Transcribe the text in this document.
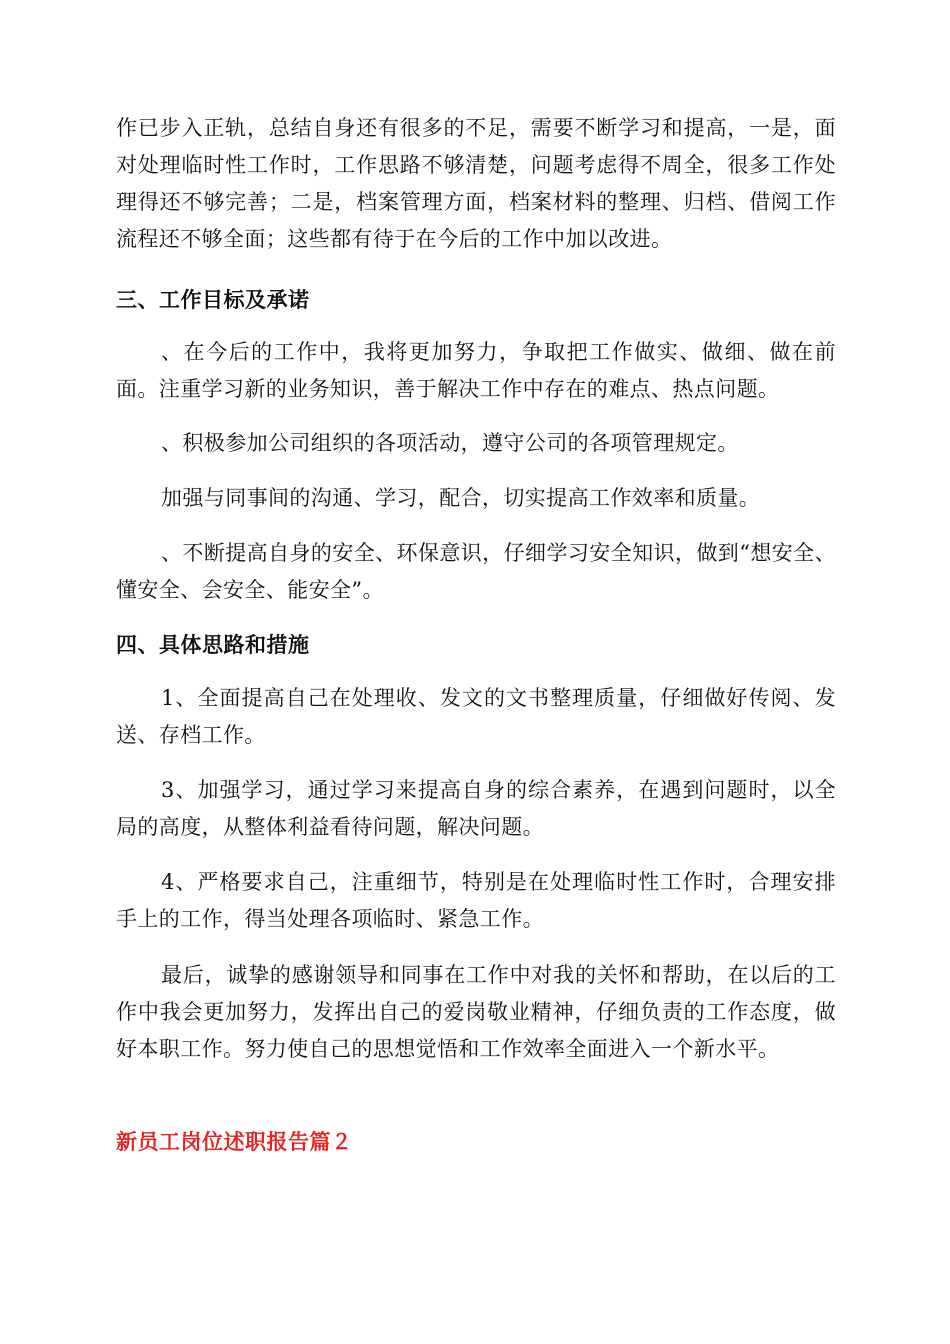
作已步入正轨，总结自身还有很多的不足，需要不断学习和提高，一是，面对处理临时性工作时，工作思路不够清楚，问题考虑得不周全，很多工作处理得还不够完善；二是，档案管理方面，档案材料的整理、归档、借阅工作流程还不够全面；这些都有待于在今后的工作中加以改进。

三、工作目标及承诺

、在今后的工作中，我将更加努力，争取把工作做实、做细、做在前面。注重学习新的业务知识，善于解决工作中存在的难点、热点问题。

、积极参加公司组织的各项活动，遵守公司的各项管理规定。

加强与同事间的沟通、学习，配合，切实提高工作效率和质量。

、不断提高自身的安全、环保意识，仔细学习安全知识，做到“想安全、懂安全、会安全、能安全”。

四、具体思路和措施

1、全面提高自己在处理收、发文的文书整理质量，仔细做好传阅、发送、存档工作。

3、加强学习，通过学习来提高自身的综合素养，在遇到问题时，以全局的高度，从整体利益看待问题，解决问题。

4、严格要求自己，注重细节，特别是在处理临时性工作时，合理安排手上的工作，得当处理各项临时、紧急工作。

最后，诚挚的感谢领导和同事在工作中对我的关怀和帮助，在以后的工作中我会更加努力，发挥出自己的爱岗敬业精神，仔细负责的工作态度，做好本职工作。努力使自己的思想觉悟和工作效率全面进入一个新水平。

新员工岗位述职报告篇２
